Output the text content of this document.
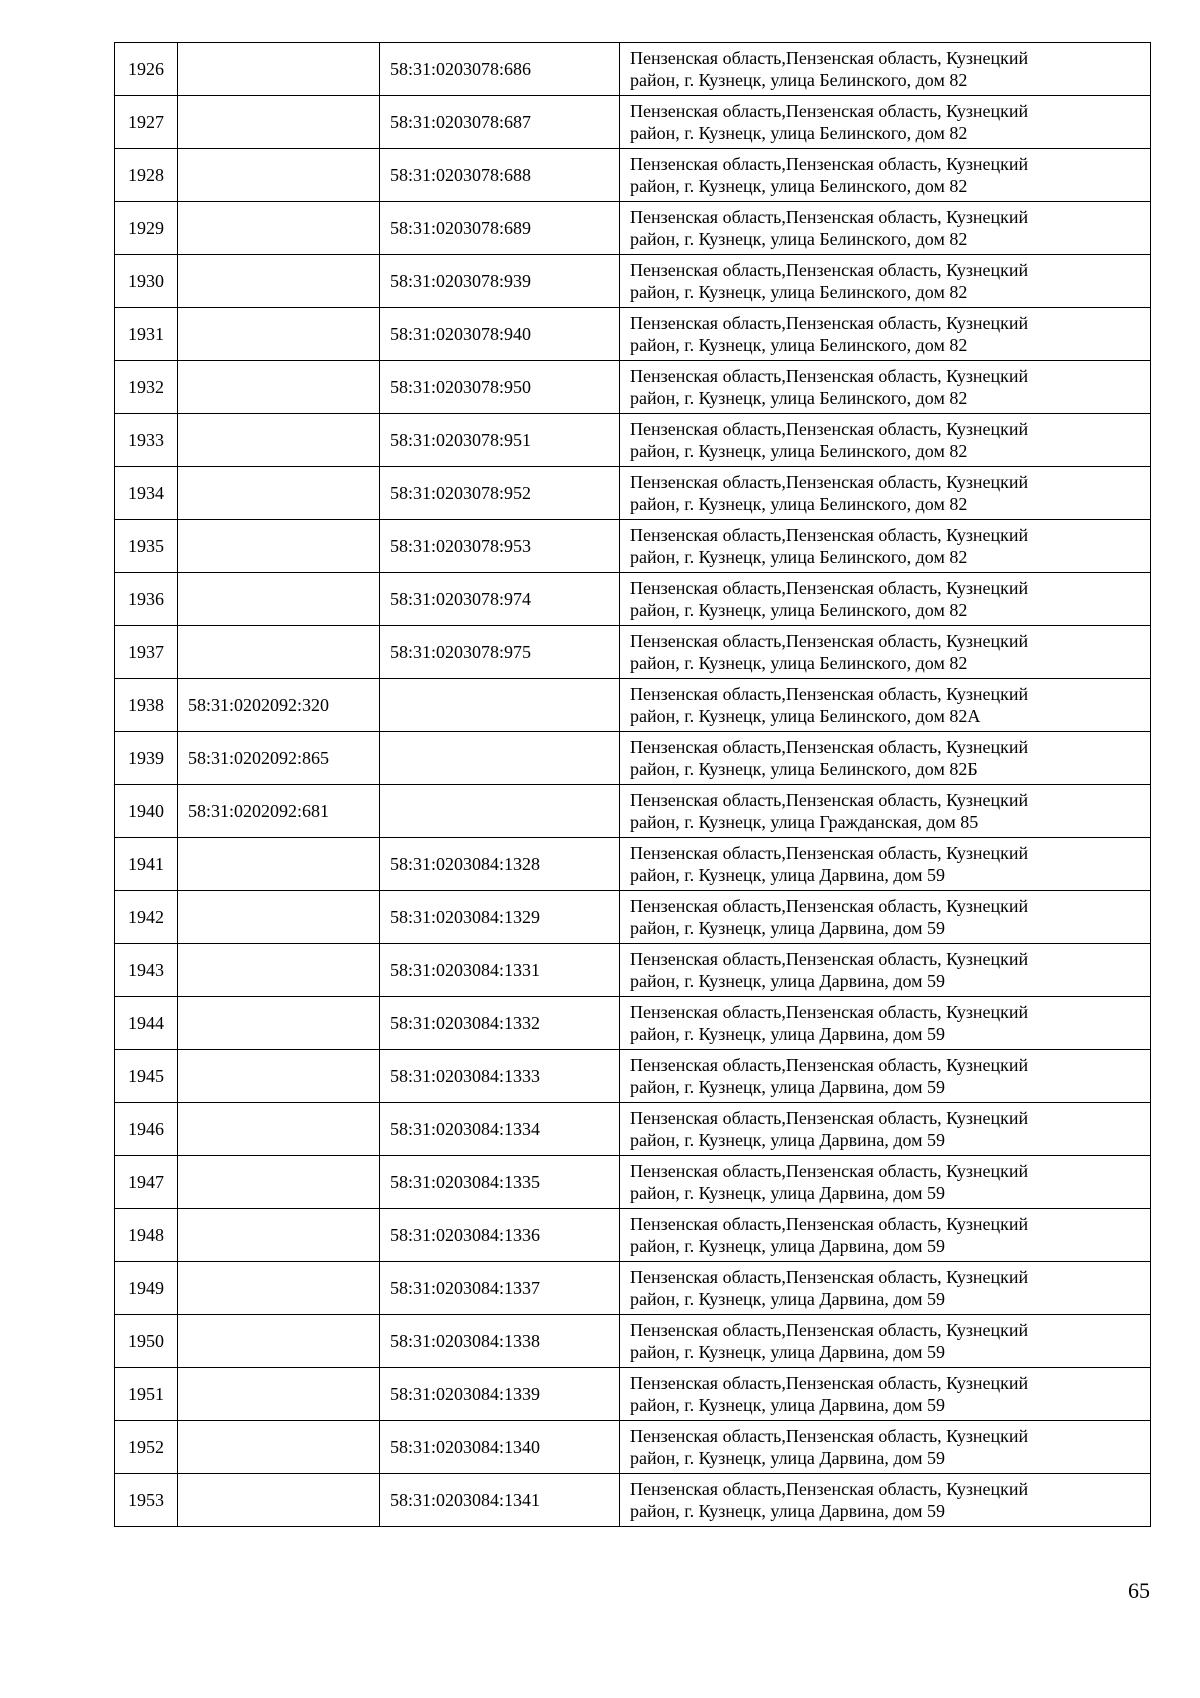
1926		58:31:0203078:686	Пензенская область,Пензенская область, Кузнецкий
район, г. Кузнецк, улица Белинского, дом 82

1927		58:31:0203078:687	Пензенская область,Пензенская область, Кузнецкий
район, г. Кузнецк, улица Белинского, дом 82

1928		58:31:0203078:688	Пензенская область,Пензенская область, Кузнецкий
район, г. Кузнецк, улица Белинского, дом 82

1929		58:31:0203078:689	Пензенская область,Пензенская область, Кузнецкий
район, г. Кузнецк, улица Белинского, дом 82

1930		58:31:0203078:939	Пензенская область,Пензенская область, Кузнецкий
район, г. Кузнецк, улица Белинского, дом 82

1931		58:31:0203078:940	Пензенская область,Пензенская область, Кузнецкий
район, г. Кузнецк, улица Белинского, дом 82

1932		58:31:0203078:950	Пензенская область,Пензенская область, Кузнецкий
район, г. Кузнецк, улица Белинского, дом 82

1933		58:31:0203078:951	Пензенская область,Пензенская область, Кузнецкий
район, г. Кузнецк, улица Белинского, дом 82

1934		58:31:0203078:952	Пензенская область,Пензенская область, Кузнецкий
район, г. Кузнецк, улица Белинского, дом 82

1935		58:31:0203078:953	Пензенская область,Пензенская область, Кузнецкий
район, г. Кузнецк, улица Белинского, дом 82

1936		58:31:0203078:974	Пензенская область,Пензенская область, Кузнецкий
район, г. Кузнецк, улица Белинского, дом 82

1937		58:31:0203078:975	Пензенская область,Пензенская область, Кузнецкий
район, г. Кузнецк, улица Белинского, дом 82

1938	58:31:0202092:320		Пензенская область,Пензенская область, Кузнецкий
район, г. Кузнецк, улица Белинского, дом 82А

1939	58:31:0202092:865		Пензенская область,Пензенская область, Кузнецкий
район, г. Кузнецк, улица Белинского, дом 82Б

1940	58:31:0202092:681		Пензенская область,Пензенская область, Кузнецкий
район, г. Кузнецк, улица Гражданская, дом 85

1941		58:31:0203084:1328	Пензенская область,Пензенская область, Кузнецкий
район, г. Кузнецк, улица Дарвина, дом 59

1942		58:31:0203084:1329	Пензенская область,Пензенская область, Кузнецкий
район, г. Кузнецк, улица Дарвина, дом 59

1943		58:31:0203084:1331	Пензенская область,Пензенская область, Кузнецкий
район, г. Кузнецк, улица Дарвина, дом 59

1944		58:31:0203084:1332	Пензенская область,Пензенская область, Кузнецкий
район, г. Кузнецк, улица Дарвина, дом 59

1945		58:31:0203084:1333	Пензенская область,Пензенская область, Кузнецкий
район, г. Кузнецк, улица Дарвина, дом 59

1946		58:31:0203084:1334	Пензенская область,Пензенская область, Кузнецкий
район, г. Кузнецк, улица Дарвина, дом 59

1947		58:31:0203084:1335	Пензенская область,Пензенская область, Кузнецкий
район, г. Кузнецк, улица Дарвина, дом 59

1948		58:31:0203084:1336	Пензенская область,Пензенская область, Кузнецкий
район, г. Кузнецк, улица Дарвина, дом 59

1949		58:31:0203084:1337	Пензенская область,Пензенская область, Кузнецкий
район, г. Кузнецк, улица Дарвина, дом 59

1950		58:31:0203084:1338	Пензенская область,Пензенская область, Кузнецкий
район, г. Кузнецк, улица Дарвина, дом 59

1951		58:31:0203084:1339	Пензенская область,Пензенская область, Кузнецкий
район, г. Кузнецк, улица Дарвина, дом 59

1952		58:31:0203084:1340	Пензенская область,Пензенская область, Кузнецкий
район, г. Кузнецк, улица Дарвина, дом 59

1953		58:31:0203084:1341	Пензенская область,Пензенская область, Кузнецкий
район, г. Кузнецк, улица Дарвина, дом 59
65
